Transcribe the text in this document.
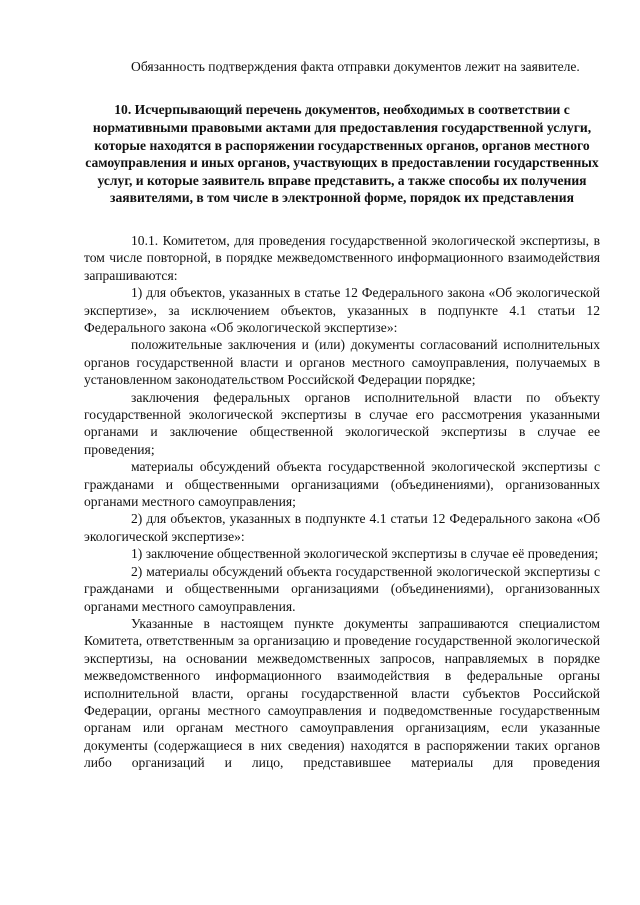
Обязанность подтверждения факта отправки документов лежит на заявителе.

10. Исчерпывающий перечень документов, необходимых в соответствии с нормативными правовыми актами для предоставления государственной услуги, которые находятся в распоряжении государственных органов, органов местного самоуправления и иных органов, участвующих в предоставлении государственных услуг, и которые заявитель вправе представить, а также способы их получения заявителями, в том числе в электронной форме, порядок их представления

10.1. Комитетом, для проведения государственной экологической экспертизы, в том числе повторной, в порядке межведомственного информационного взаимодействия запрашиваются:

1) для объектов, указанных в статье 12 Федерального закона «Об экологической экспертизе», за исключением объектов, указанных в подпункте 4.1 статьи 12 Федерального закона «Об экологической экспертизе»:

положительные заключения и (или) документы согласований исполнительных органов государственной власти и органов местного самоуправления, получаемых в установленном законодательством Российской Федерации порядке;

заключения федеральных органов исполнительной власти по объекту государственной экологической экспертизы в случае его рассмотрения указанными органами и заключение общественной экологической экспертизы в случае ее проведения;

материалы обсуждений объекта государственной экологической экспертизы с гражданами и общественными организациями (объединениями), организованных органами местного самоуправления;

2) для объектов, указанных в подпункте 4.1 статьи 12 Федерального закона «Об экологической экспертизе»:

1) заключение общественной экологической экспертизы в случае её проведения;

2) материалы обсуждений объекта государственной экологической экспертизы с гражданами и общественными организациями (объединениями), организованных органами местного самоуправления.

Указанные в настоящем пункте документы запрашиваются специалистом Комитета, ответственным за организацию и проведение государственной экологической экспертизы, на основании межведомственных запросов, направляемых в порядке межведомственного информационного взаимодействия в федеральные органы исполнительной власти, органы государственной власти субъектов Российской Федерации, органы местного самоуправления и подведомственные государственным органам или органам местного самоуправления организациям, если указанные документы (содержащиеся в них сведения) находятся в распоряжении таких органов либо организаций и лицо, представившее материалы для проведения
